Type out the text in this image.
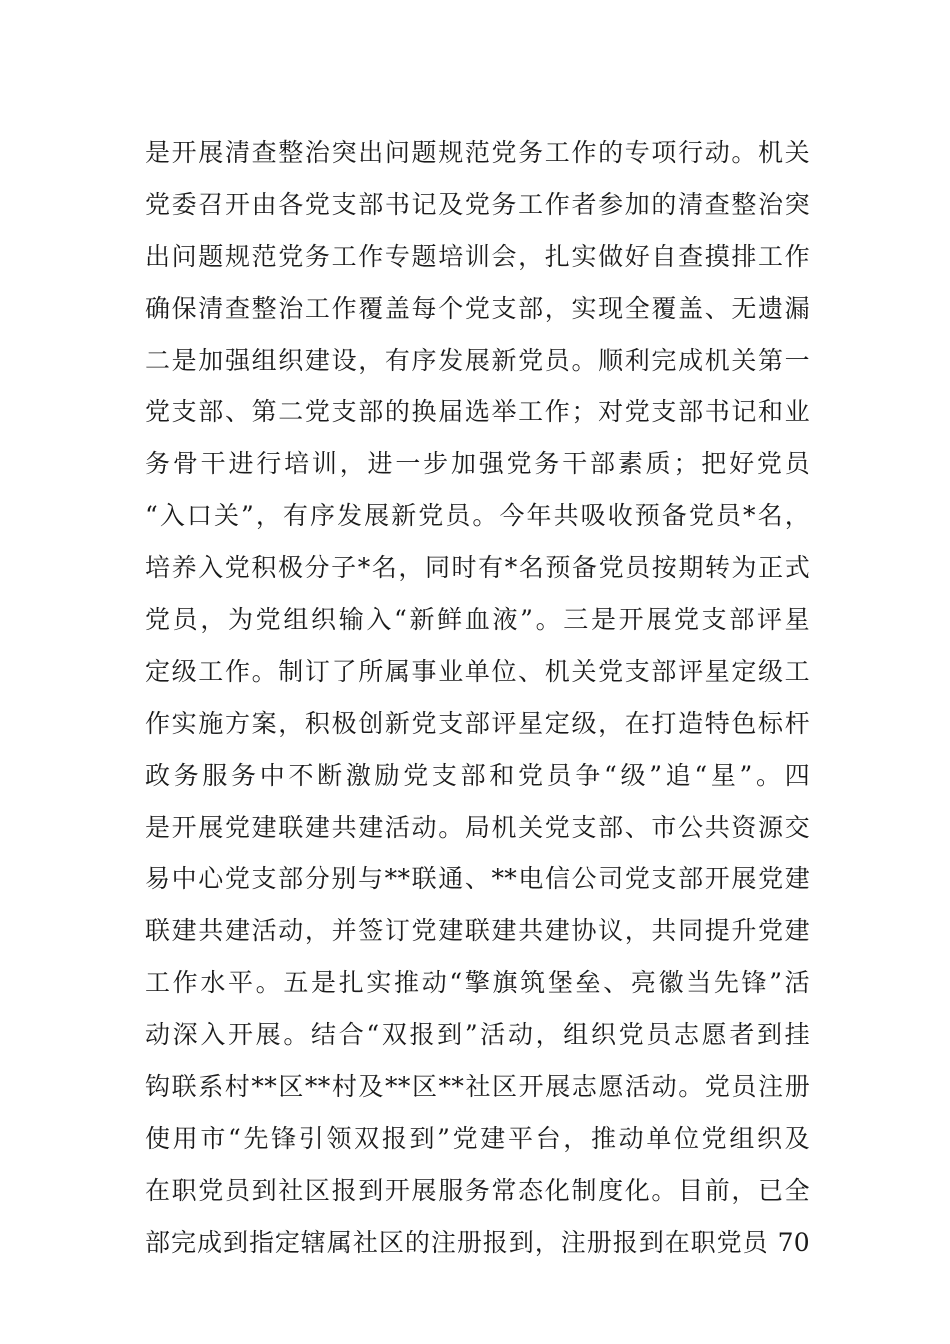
是开展清查整治突出问题规范党务工作的专项行动。机关
党委召开由各党支部书记及党务工作者参加的清查整治突
出问题规范党务工作专题培训会，扎实做好自查摸排工作
确保清查整治工作覆盖每个党支部，实现全覆盖、无遗漏
二是加强组织建设，有序发展新党员。顺利完成机关第一
党支部、第二党支部的换届选举工作；对党支部书记和业
务骨干进行培训，进一步加强党务干部素质；把好党员
“入口关”，有序发展新党员。今年共吸收预备党员*名，
培养入党积极分子*名，同时有*名预备党员按期转为正式
党员，为党组织输入“新鲜血液”。三是开展党支部评星
定级工作。制订了所属事业单位、机关党支部评星定级工
作实施方案，积极创新党支部评星定级，在打造特色标杆
政务服务中不断激励党支部和党员争“级”追“星”。四
是开展党建联建共建活动。局机关党支部、市公共资源交
易中心党支部分别与**联通、**电信公司党支部开展党建
联建共建活动，并签订党建联建共建协议，共同提升党建
工作水平。五是扎实推动“擎旗筑堡垒、亮徽当先锋”活
动深入开展。结合“双报到”活动，组织党员志愿者到挂
钩联系村**区**村及**区**社区开展志愿活动。党员注册
使用市“先锋引领双报到”党建平台，推动单位党组织及
在职党员到社区报到开展服务常态化制度化。目前，已全
部完成到指定辖属社区的注册报到，注册报到在职党员 70
